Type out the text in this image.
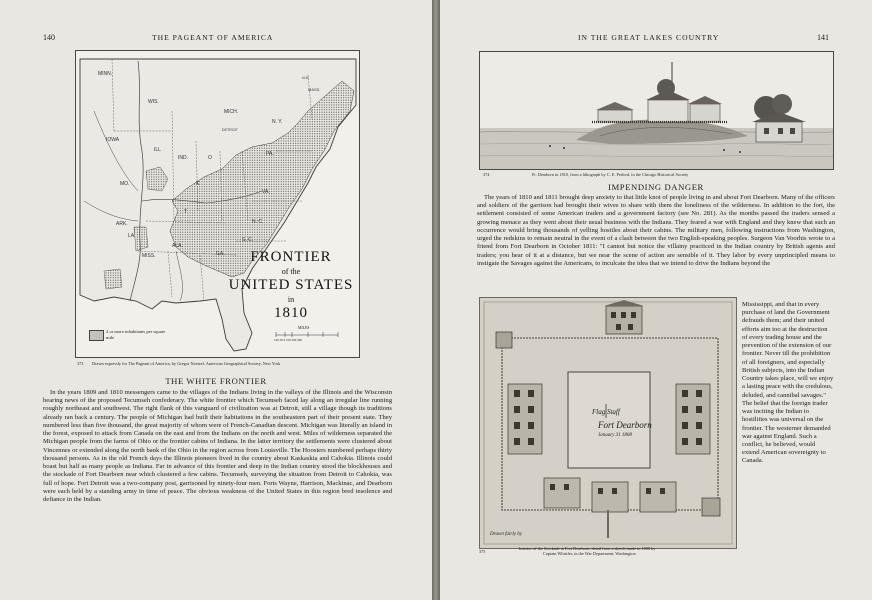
140	THE PAGEANT OF AMERICA
MINN.
WIS.
IOWA
ILL
IND.
MICH.
DETROIT
O
N. Y.
MASS.
N.H.
PA.
MO.	K
VA.
ARK.
T
N. C.
S. C.
LA.
MISS.
ALA.
GA.	FRONTIER
of the
UNITED STATES
in
1810
2 or more inhabitants per square mile
MILES
100 50 0 100 200 300
373 Drawn expressly for The Pageant of America, by Gregor Noetzel, American Geographical Society, New York
THE WHITE FRONTIER

In the years 1809 and 1810 messengers came to the villages of the Indians living in the valleys of the Illinois and the Wisconsin bearing news of the proposed Tecumseh confederacy. The white frontier which Tecumseh faced lay along an irregular line running roughly northeast and southwest. The right flank of this vanguard of civilization was at Detroit, still a village though its traditions already ran back a century. The people of Michigan had built their habitations in the southeastern part of their present state. They numbered less than five thousand, the great majority of whom were of French-Canadian descent. Michigan was literally an island in the forest, exposed to attack from Canada on the east and from the Indians on the north and west. Miles of wilderness separated the Michigan people from the farms of Ohio or the frontier cabins of Indiana. In the latter territory the settlements were clustered about Vincennes or extended along the north bank of the Ohio in the region across from Louisville. The Hoosiers numbered perhaps thirty thousand persons. As in the old French days the Illinois pioneers lived in the country about Kaskaskia and Cahokia. Illinois could boast but half as many people as Indiana. Far in advance of this frontier and deep in the Indian country stood the blockhouses and the stockade of Fort Dearborn near which clustered a few cabins. Tecumseh, surveying the situation from Detroit to Cahokia, was full of hope. Fort Detroit was a two-company post, garrisoned by ninety-four men. Forts Wayne, Harrison, Mackinac, and Dearborn were each held by a standing army in time of peace. The obvious weakness of the United States in this region bred insolence and defiance in the Indian.

IN THE GREAT LAKES COUNTRY	141
374	Ft. Dearborn in 1810, from a lithograph by C. E. Petford, in the Chicago Historical Society
IMPENDING DANGER

The years of 1810 and 1811 brought deep anxiety to that little knot of people living in and about Fort Dearborn. Many of the officers and soldiers of the garrison had brought their wives to share with them the loneliness of the wilderness. In addition to the fort, the settlement consisted of some American traders and a government factory (see No. 281). As the months passed the traders sensed a growing menace as they went about their usual business with the Indians. They feared a war with England and they knew that such an occurrence would bring thousands of yelling hostiles about their cabins. The military men, following instructions from Washington, urged the redskins to remain neutral in the event of a clash between the two English-speaking peoples. Surgeon Van Voorhis wrote to a friend from Fort Dearborn in October 1811: "I cannot but notice the villainy practiced in the Indian country by British agents and traders; you hear of it at a distance, but we near the scene of action are sensible of it. They labor by every unprincipled means to instigate the Savages against the Americans, to inculcate the idea that we intend to drive the Indians beyond the

Flag Staff
Fort Dearborn
January 31 1808
Drawn fairly by
375
Interior of the Stockade at Fort Dearborn, detail from a sketch made in 1808 by
Captain Whistler, in the War Department, Washington

Mississippi, and that in every purchase of land the Government defrauds them; and their united efforts aim too at the destruction of every trading house and the prevention of the extension of our frontier. Never till the prohibition of all foreigners, and especially British subjects, into the Indian Country takes place, will we enjoy a lasting peace with the credulous, deluded, and cannibal savages." The belief that the foreign trader was inciting the Indian to hostilities was universal on the frontier. The westerner demanded war against England. Such a conflict, he believed, would extend American sovereignty to Canada.
